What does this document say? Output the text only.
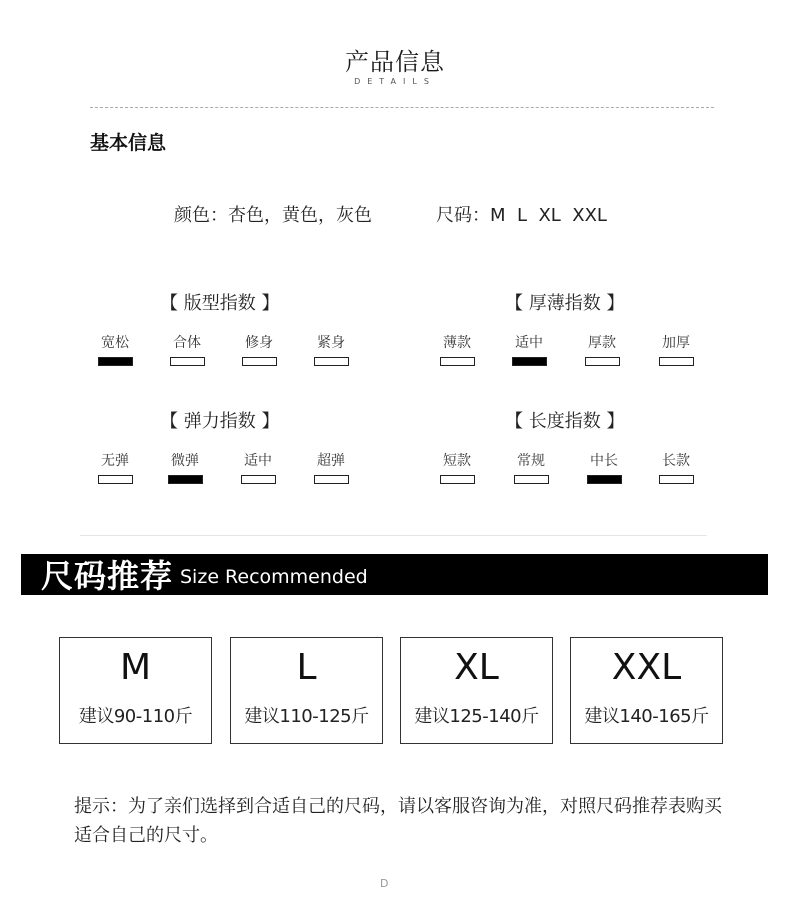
产品信息
DETAILS
基本信息
颜色：杏色，黄色，灰色	尺码：M  L  XL  XXL
【 版型指数 】
宽松	合体	修身	紧身
【 厚薄指数 】
薄款	适中	厚款	加厚
【 弹力指数 】
无弹	微弹	适中	超弹
【 长度指数 】
短款	常规	中长	长款
尺码推荐 Size Recommended
M
建议90-110斤
L
建议110-125斤
XL
建议125-140斤
XXL
建议140-165斤
提示：为了亲们选择到合适自己的尺码，请以客服咨询为准，对照尺码推荐表购买适合自己的尺寸。
D
